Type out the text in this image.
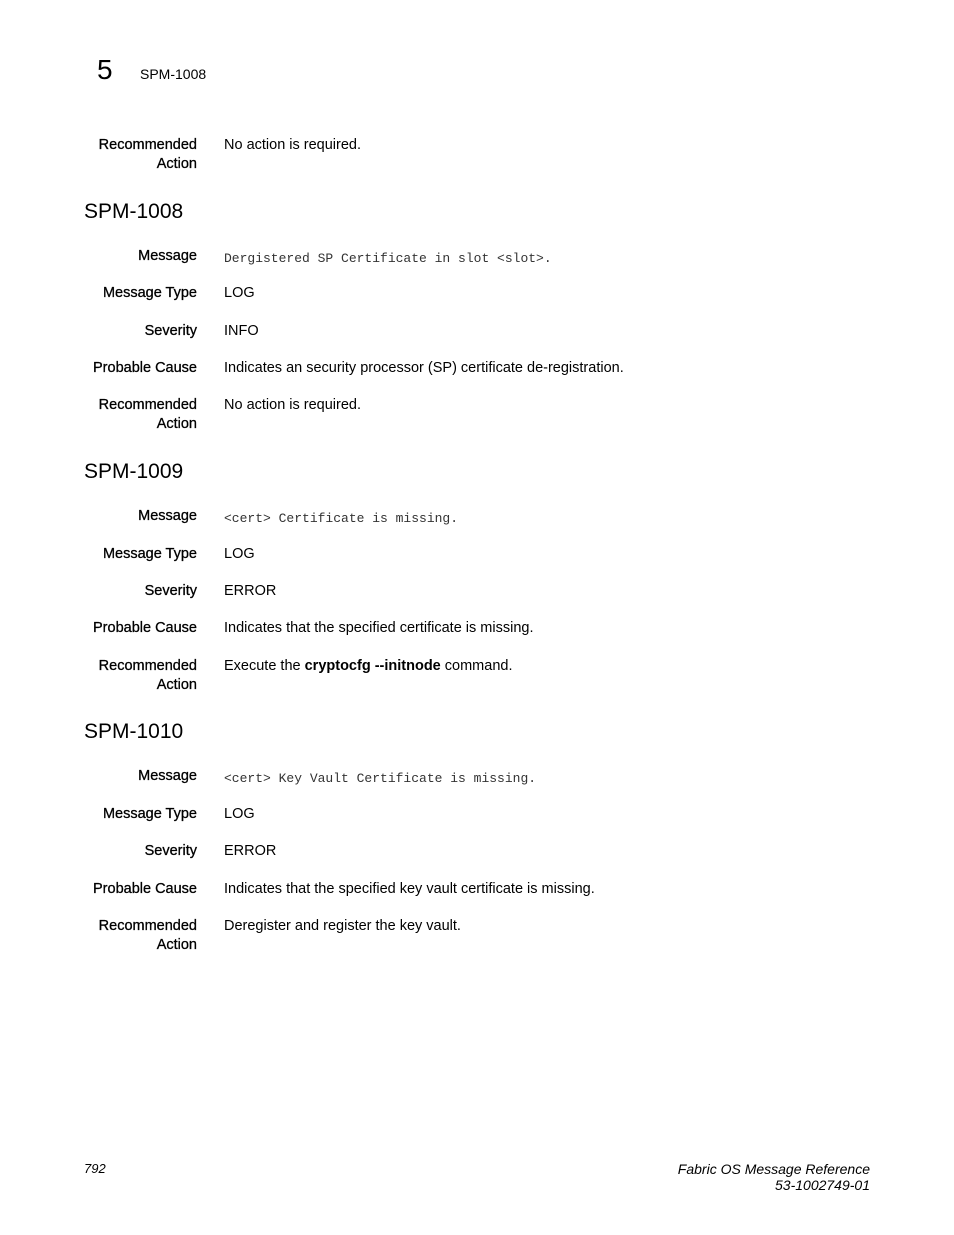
5 SPM-1008
Recommended
Action
No action is required.
SPM-1008
Message Dergistered SP Certificate in slot <slot>.
Message Type LOG
Severity INFO
Probable Cause Indicates an security processor (SP) certificate de-registration.
Recommended
Action
No action is required.
SPM-1009
Message <cert> Certificate is missing.
Message Type LOG
Severity ERROR
Probable Cause Indicates that the specified certificate is missing.
Recommended
Action
Execute the cryptocfg --initnode command.
SPM-1010
Message <cert> Key Vault Certificate is missing.
Message Type LOG
Severity ERROR
Probable Cause Indicates that the specified key vault certificate is missing.
Recommended
Action
Deregister and register the key vault.
792	Fabric OS Message Reference
53-1002749-01
